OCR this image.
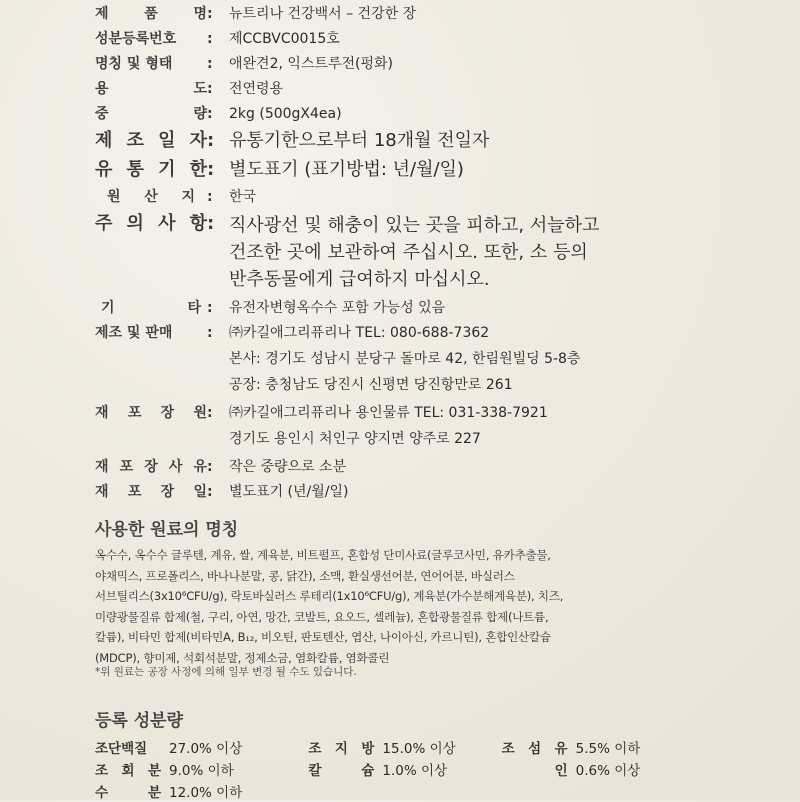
제	품	명 :	뉴트리나 건강백서 – 건강한 장
성분등록번호	:	제CCBVC0015호
명칭 및 형태	:	애완견2, 익스트루전(펑화)
용	도 :	전연령용
중	량 :	2kg (500gX4ea)
제 조 일 자 : 유통기한으로부터 18개월 전일자
유 통 기 한 : 별도표기 (표기방법: 년/월/일)
원 산 지 :	한국
주 의 사 항 : 직사광선 및 해충이 있는 곳을 피하고, 서늘하고
건조한 곳에 보관하여 주십시오. 또한, 소 등의
반추동물에게 급여하지 마십시오.
기	타 :	유전자변형옥수수 포함 가능성 있음
제조 및 판매	:	㈜카길애그리퓨리나 TEL: 080-688-7362
본사: 경기도 성남시 분당구 돌마로 42, 한림원빌딩 5-8층
공장: 충청남도 당진시 신평면 당진항만로 261
재 포 장 원 :	㈜카길애그리퓨리나 용인물류 TEL: 031-338-7921
경기도 용인시 처인구 양지면 양주로 227
재 포 장 사 유 :	작은 중량으로 소분
재 포 장 일 :	별도표기 (년/월/일)
사용한 원료의 명칭
옥수수, 옥수수 글루텐, 계유, 쌀, 계육분, 비트펄프, 혼합성 단미사료(글루코사민, 유카추출물,
야채믹스, 프로폴리스, 바나나분말, 콩, 닭간), 소맥, 환실생선어분, 연어어분, 바실러스
서브틸리스(3x10⁶CFU/g), 락토바실러스 루테리(1x10⁶CFU/g), 계육분(가수분해계육분), 치즈,
미량광물질류 합제(철, 구리, 아연, 망간, 코발트, 요오드, 셀레늄), 혼합광물질류 합제(나트륨,
칼륨), 비타민 합제(비타민A, B₁₂, 비오틴, 판토텐산, 엽산, 나이아신, 카르니틴), 혼합인산칼슘
(MDCP), 향미제, 석회석분말, 정제소금, 염화칼륨, 염화콜린
*위 원료는 공장 사정에 의해 일부 변경 될 수도 있습니다.
등록 성분량
조단백질	27.0% 이상	조 지 방 15.0% 이상	조 섬 유 5.5% 이하
조 회 분 9.0% 이하	칼	슘 1.0% 이상	인 0.6% 이상
수	분 12.0% 이하
